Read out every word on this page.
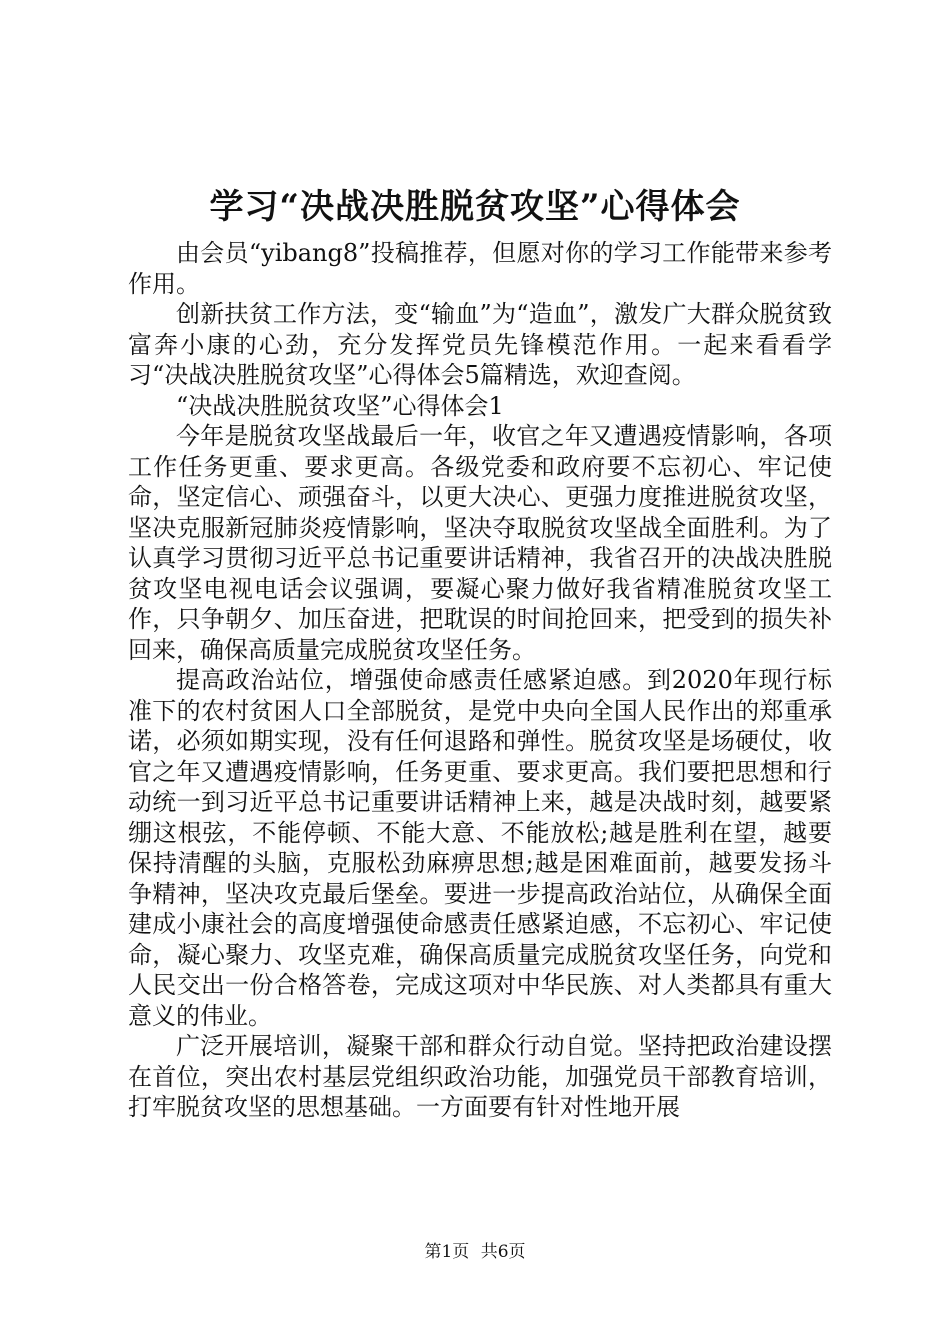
学习“决战决胜脱贫攻坚”心得体会

由会员“yibang8”投稿推荐，但愿对你的学习工作能带来参考作用。

创新扶贫工作方法，变“输血”为“造血”，激发广大群众脱贫致富奔小康的心劲，充分发挥党员先锋模范作用。一起来看看学习“决战决胜脱贫攻坚”心得体会5篇精选，欢迎查阅。

“决战决胜脱贫攻坚”心得体会1

今年是脱贫攻坚战最后一年，收官之年又遭遇疫情影响，各项工作任务更重、要求更高。各级党委和政府要不忘初心、牢记使命，坚定信心、顽强奋斗，以更大决心、更强力度推进脱贫攻坚，坚决克服新冠肺炎疫情影响，坚决夺取脱贫攻坚战全面胜利。为了认真学习贯彻习近平总书记重要讲话精神，我省召开的决战决胜脱贫攻坚电视电话会议强调，要凝心聚力做好我省精准脱贫攻坚工作，只争朝夕、加压奋进，把耽误的时间抢回来，把受到的损失补回来，确保高质量完成脱贫攻坚任务。

提高政治站位，增强使命感责任感紧迫感。到2020年现行标准下的农村贫困人口全部脱贫，是党中央向全国人民作出的郑重承诺，必须如期实现，没有任何退路和弹性。脱贫攻坚是场硬仗，收官之年又遭遇疫情影响，任务更重、要求更高。我们要把思想和行动统一到习近平总书记重要讲话精神上来，越是决战时刻，越要紧绷这根弦，不能停顿、不能大意、不能放松;越是胜利在望，越要保持清醒的头脑，克服松劲麻痹思想;越是困难面前，越要发扬斗争精神，坚决攻克最后堡垒。要进一步提高政治站位，从确保全面建成小康社会的高度增强使命感责任感紧迫感，不忘初心、牢记使命，凝心聚力、攻坚克难，确保高质量完成脱贫攻坚任务，向党和人民交出一份合格答卷，完成这项对中华民族、对人类都具有重大意义的伟业。

广泛开展培训，凝聚干部和群众行动自觉。坚持把政治建设摆在首位，突出农村基层党组织政治功能，加强党员干部教育培训，打牢脱贫攻坚的思想基础。一方面要有针对性地开展

第1页 共6页
